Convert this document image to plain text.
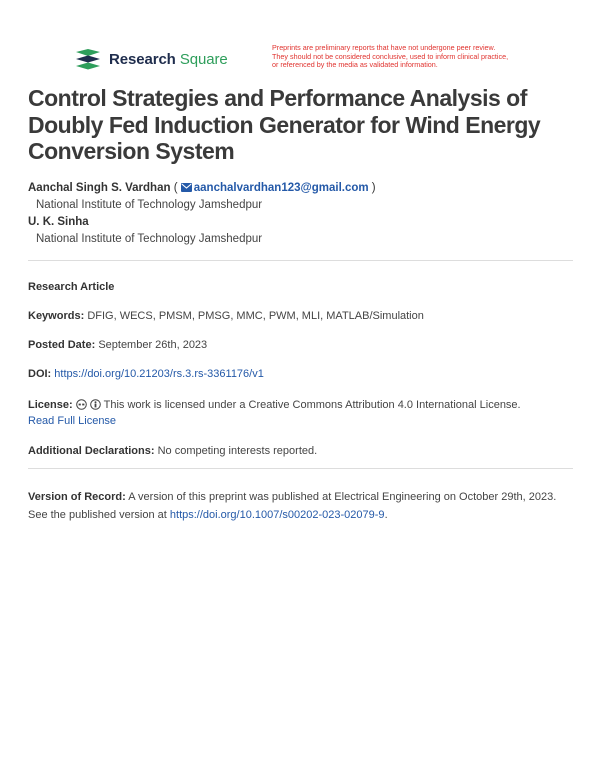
Research Square
Preprints are preliminary reports that have not undergone peer review.
They should not be considered conclusive, used to inform clinical practice,
or referenced by the media as validated information.
Control Strategies and Performance Analysis of Doubly Fed Induction Generator for Wind Energy Conversion System
Aanchal Singh S. Vardhan ( aanchalvardhan123@gmail.com )
National Institute of Technology Jamshedpur
U. K. Sinha
National Institute of Technology Jamshedpur
Research Article
Keywords: DFIG, WECS, PMSM, PMSG, MMC, PWM, MLI, MATLAB/Simulation
Posted Date: September 26th, 2023
DOI: https://doi.org/10.21203/rs.3.rs-3361176/v1
License:	This work is licensed under a Creative Commons Attribution 4.0 International License.
Read Full License
Additional Declarations: No competing interests reported.
Version of Record: A version of this preprint was published at Electrical Engineering on October 29th, 2023. See the published version at https://doi.org/10.1007/s00202-023-02079-9.
